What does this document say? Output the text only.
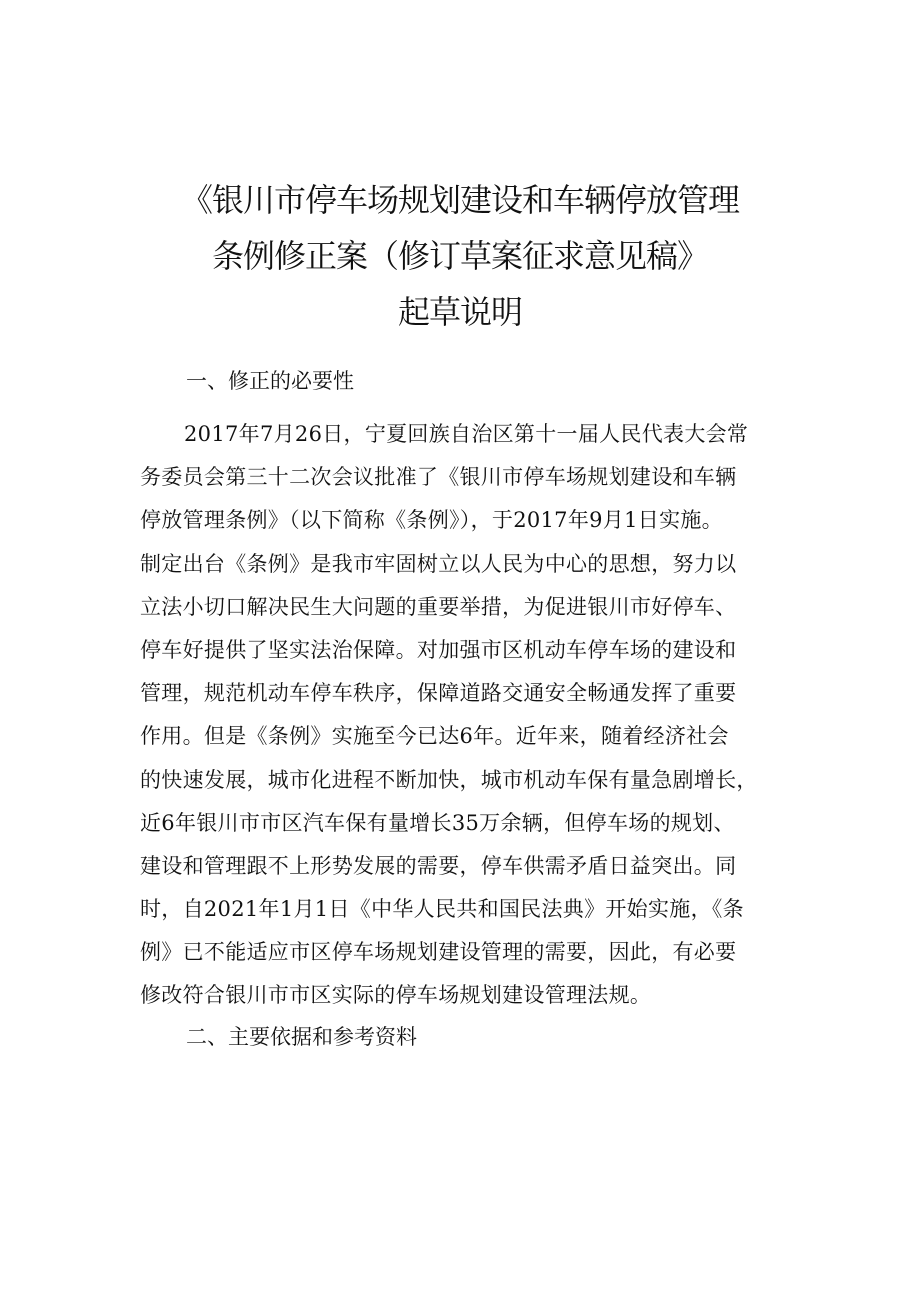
《银川市停车场规划建设和车辆停放管理
条例修正案（修订草案征求意见稿》
起草说明
一、修正的必要性
2017年7月26日，宁夏回族自治区第十一届人民代表大会常
务委员会第三十二次会议批准了《银川市停车场规划建设和车辆
停放管理条例》（以下简称《条例》），于2017年9月1日实施。
制定出台《条例》是我市牢固树立以人民为中心的思想，努力以
立法小切口解决民生大问题的重要举措，为促进银川市好停车、
停车好提供了坚实法治保障。对加强市区机动车停车场的建设和
管理，规范机动车停车秩序，保障道路交通安全畅通发挥了重要
作用。但是《条例》实施至今已达6年。近年来，随着经济社会
的快速发展，城市化进程不断加快，城市机动车保有量急剧增长，
近6年银川市市区汽车保有量增长35万余辆，但停车场的规划、
建设和管理跟不上形势发展的需要，停车供需矛盾日益突出。同
时，自2021年1月1日《中华人民共和国民法典》开始实施，《条
例》已不能适应市区停车场规划建设管理的需要，因此，有必要
修改符合银川市市区实际的停车场规划建设管理法规。
二、主要依据和参考资料
